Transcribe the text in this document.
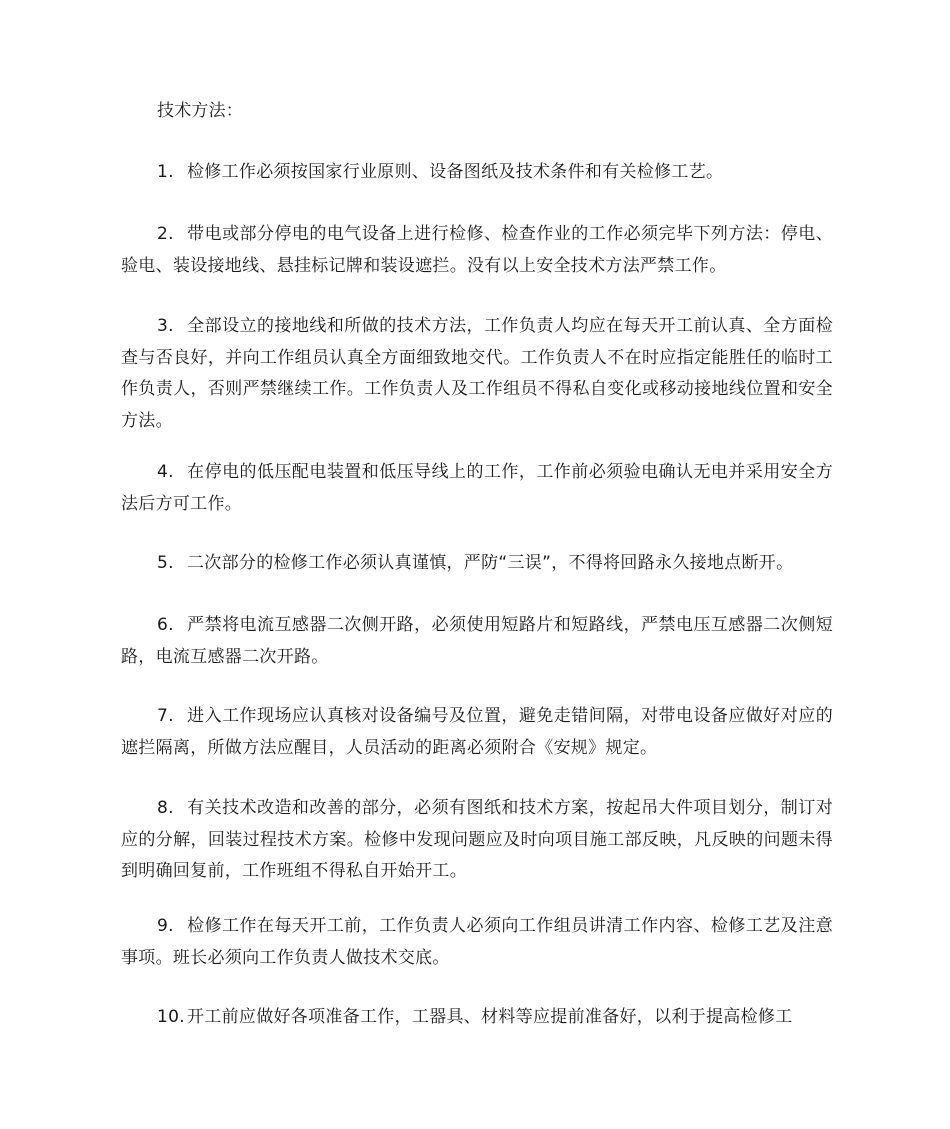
技术方法：

1. 检修工作必须按国家行业原则、设备图纸及技术条件和有关检修工艺。

2. 带电或部分停电的电气设备上进行检修、检查作业的工作必须完毕下列方法：停电、验电、装设接地线、悬挂标记牌和装设遮拦。没有以上安全技术方法严禁工作。

3. 全部设立的接地线和所做的技术方法，工作负责人均应在每天开工前认真、全方面检查与否良好，并向工作组员认真全方面细致地交代。工作负责人不在时应指定能胜任的临时工作负责人，否则严禁继续工作。工作负责人及工作组员不得私自变化或移动接地线位置和安全方法。

4. 在停电的低压配电装置和低压导线上的工作，工作前必须验电确认无电并采用安全方法后方可工作。

5. 二次部分的检修工作必须认真谨慎，严防“三误”，不得将回路永久接地点断开。

6. 严禁将电流互感器二次侧开路，必须使用短路片和短路线，严禁电压互感器二次侧短路，电流互感器二次开路。

7. 进入工作现场应认真核对设备编号及位置，避免走错间隔，对带电设备应做好对应的遮拦隔离，所做方法应醒目，人员活动的距离必须附合《安规》规定。

8. 有关技术改造和改善的部分，必须有图纸和技术方案，按起吊大件项目划分，制订对应的分解，回装过程技术方案。检修中发现问题应及时向项目施工部反映，凡反映的问题未得到明确回复前，工作班组不得私自开始开工。

9. 检修工作在每天开工前，工作负责人必须向工作组员讲清工作内容、检修工艺及注意事项。班长必须向工作负责人做技术交底。

10. 开工前应做好各项准备工作，工器具、材料等应提前准备好，以利于提高检修工
